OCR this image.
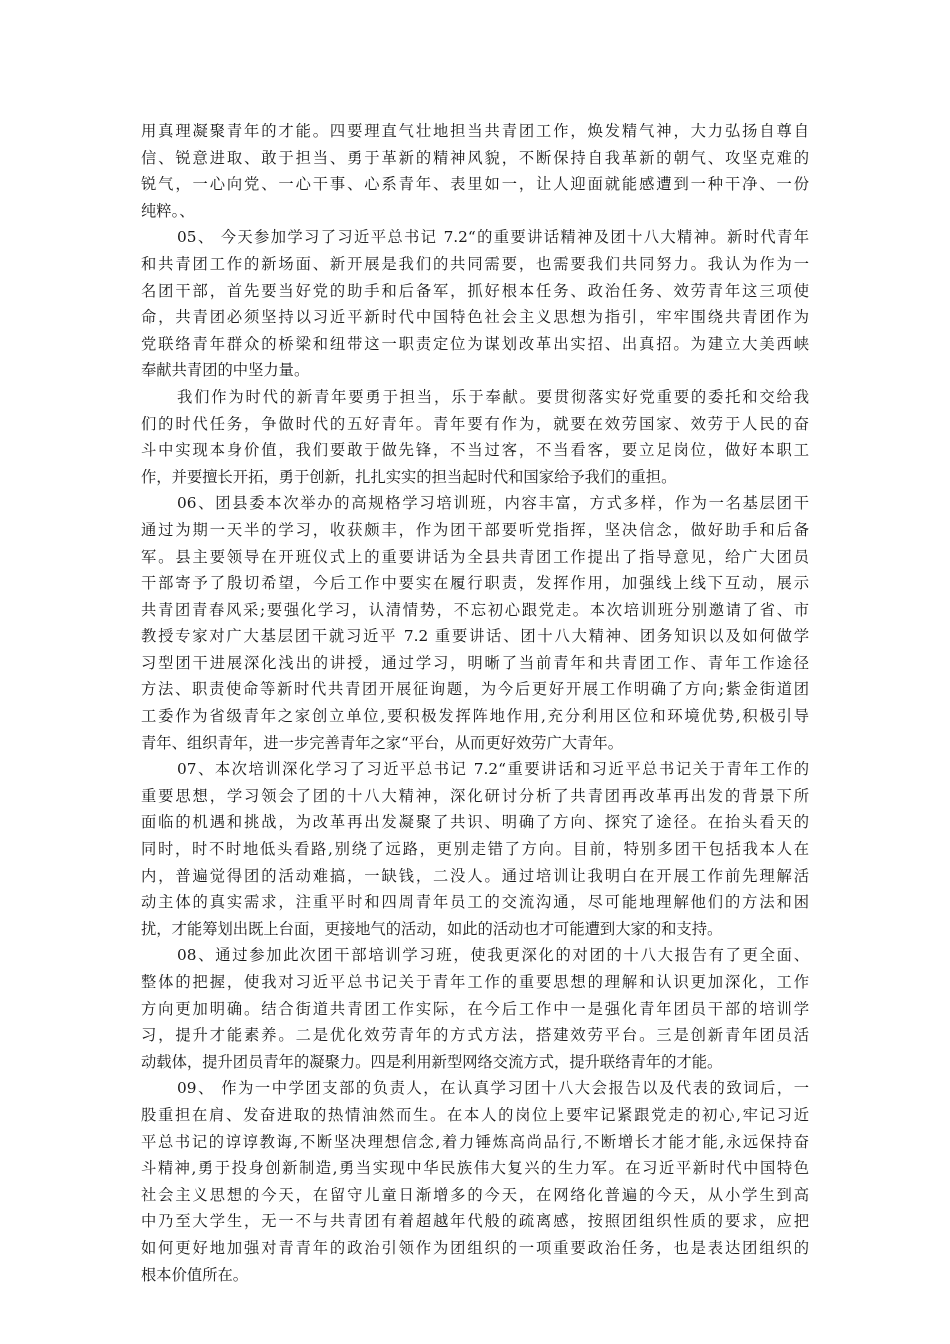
用真理凝聚青年的才能。四要理直气壮地担当共青团工作，焕发精气神，大力弘扬自尊自
信、锐意进取、敢于担当、勇于革新的精神风貌，不断保持自我革新的朝气、攻坚克难的
锐气，一心向党、一心干事、心系青年、表里如一，让人迎面就能感遭到一种干净、一份
纯粹。、
05、 今天参加学习了习近平总书记 7.2“的重要讲话精神及团十八大精神。新时代青年
和共青团工作的新场面、新开展是我们的共同需要，也需要我们共同努力。我认为作为一
名团干部，首先要当好党的助手和后备军，抓好根本任务、政治任务、效劳青年这三项使
命，共青团必须坚持以习近平新时代中国特色社会主义思想为指引，牢牢围绕共青团作为
党联络青年群众的桥梁和纽带这一职责定位为谋划改革出实招、出真招。为建立大美西峡
奉献共青团的中坚力量。
我们作为时代的新青年要勇于担当，乐于奉献。要贯彻落实好党重要的委托和交给我
们的时代任务，争做时代的五好青年。青年要有作为，就要在效劳国家、效劳于人民的奋
斗中实现本身价值，我们要敢于做先锋，不当过客，不当看客，要立足岗位，做好本职工
作，并要擅长开拓，勇于创新，扎扎实实的担当起时代和国家给予我们的重担。
06、团县委本次举办的高规格学习培训班，内容丰富，方式多样，作为一名基层团干
通过为期一天半的学习，收获颇丰，作为团干部要听党指挥，坚决信念，做好助手和后备
军。县主要领导在开班仪式上的重要讲话为全县共青团工作提出了指导意见，给广大团员
干部寄予了殷切希望，今后工作中要实在履行职责，发挥作用，加强线上线下互动，展示
共青团青春风采;要强化学习，认清情势，不忘初心跟党走。本次培训班分别邀请了省、市
教授专家对广大基层团干就习近平 7.2 重要讲话、团十八大精神、团务知识以及如何做学
习型团干进展深化浅出的讲授，通过学习，明晰了当前青年和共青团工作、青年工作途径
方法、职责使命等新时代共青团开展征询题，为今后更好开展工作明确了方向;紫金街道团
工委作为省级青年之家创立单位,要积极发挥阵地作用,充分利用区位和环境优势,积极引导
青年、组织青年，进一步完善青年之家“平台，从而更好效劳广大青年。
07、本次培训深化学习了习近平总书记 7.2“重要讲话和习近平总书记关于青年工作的
重要思想，学习领会了团的十八大精神，深化研讨分析了共青团再改革再出发的背景下所
面临的机遇和挑战，为改革再出发凝聚了共识、明确了方向、探究了途径。在抬头看天的
同时，时不时地低头看路,别绕了远路，更别走错了方向。目前，特别多团干包括我本人在
内，普遍觉得团的活动难搞，一缺钱，二没人。通过培训让我明白在开展工作前先理解活
动主体的真实需求，注重平时和四周青年员工的交流沟通，尽可能地理解他们的方法和困
扰，才能筹划出既上台面，更接地气的活动，如此的活动也才可能遭到大家的和支持。
08、通过参加此次团干部培训学习班，使我更深化的对团的十八大报告有了更全面、
整体的把握，使我对习近平总书记关于青年工作的重要思想的理解和认识更加深化，工作
方向更加明确。结合街道共青团工作实际，在今后工作中一是强化青年团员干部的培训学
习，提升才能素养。二是优化效劳青年的方式方法，搭建效劳平台。三是创新青年团员活
动载体，提升团员青年的凝聚力。四是利用新型网络交流方式，提升联络青年的才能。
09、 作为一中学团支部的负责人，在认真学习团十八大会报告以及代表的致词后，一
股重担在肩、发奋进取的热情油然而生。在本人的岗位上要牢记紧跟党走的初心,牢记习近
平总书记的谆谆教诲,不断坚决理想信念,着力锤炼高尚品行,不断增长才能才能,永远保持奋
斗精神,勇于投身创新制造,勇当实现中华民族伟大复兴的生力军。在习近平新时代中国特色
社会主义思想的今天，在留守儿童日渐增多的今天，在网络化普遍的今天，从小学生到高
中乃至大学生，无一不与共青团有着超越年代般的疏离感，按照团组织性质的要求，应把
如何更好地加强对青青年的政治引领作为团组织的一项重要政治任务，也是表达团组织的
根本价值所在。
